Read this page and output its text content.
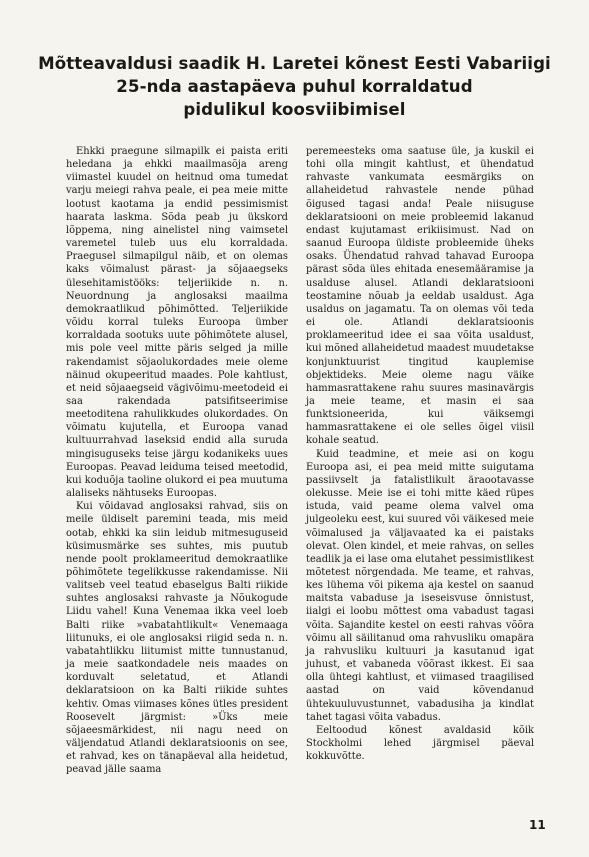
Mõtteavaldusi saadik H. Laretei kõnest Eesti Vabariigi
25-nda aastapäeva puhul korraldatud
pidulikul koosviibimisel

Ehkki praegune silmapilk ei paista eriti heledana ja ehkki maailmasõja areng viimastel kuudel on heitnud oma tumedat varju meiegi rahva peale, ei pea meie mitte lootust kaotama ja endid pessimismist haarata laskma. Sõda peab ju ükskord lõppema, ning ainelistel ning vaimsetel varemetel tuleb uus elu korraldada. Praegusel silmapilgul näib, et on olemas kaks võimalust pärast- ja sõjaaegseks ülesehitamistööks: teljeriikide n. n. Neuordnung ja anglosaksi maailma demokraatlikud põhimõtted. Teljeriikide võidu korral tuleks Euroopa ümber korraldada sootuks uute põhimõtete alusel, mis pole veel mitte päris selged ja mille rakendamist sõjaolukordades meie oleme näinud okupeeritud maades. Pole kahtlust, et neid sõjaaegseid vägivõimu-meetodeid ei saa rakendada patsifitseerimise meetoditena rahulikkudes olukordades. On võimatu kujutella, et Euroopa vanad kultuurrahvad laseksid endid alla suruda mingisuguseks teise järgu kodanikeks uues Euroopas. Peavad leiduma teised meetodid, kui koduõja taoline olukord ei pea muutuma alaliseks nähtuseks Euroopas.

Kui võidavad anglosaksi rahvad, siis on meile üldiselt paremini teada, mis meid ootab, ehkki ka siin leidub mitmesuguseid küsimusmärke ses suhtes, mis puutub nende poolt proklameeritud demokraatlike põhimõtete tegelikkusse rakendamisse. Nii valitseb veel teatud ebaselgus Balti riikide suhtes anglosaksi rahvaste ja Nõukogude Liidu vahel! Kuna Venemaa ikka veel loeb Balti riike »vabatahtlikult« Venemaaga liitunuks, ei ole anglosaksi riigid seda n. n. vabatahtlikku liitumist mitte tunnustanud, ja meie saatkondadele neis maades on korduvalt seletatud, et Atlandi deklaratsioon on ka Balti riikide suhtes kehtiv. Omas viimases kõnes ütles president Roosevelt järgmist: »Üks meie sõjaeesmärkidest, nii nagu need on väljendatud Atlandi deklaratsioonis on see, et rahvad, kes on tänapäeval alla heidetud, peavad jälle saama

peremeesteks oma saatuse üle, ja kuskil ei tohi olla mingit kahtlust, et ühendatud rahvaste vankumata eesmärgiks on allaheidetud rahvastele nende pühad õigused tagasi anda! Peale niisuguse deklaratsiooni on meie probleemid lakanud endast kujutamast erikiisimust. Nad on saanud Euroopa üldiste probleemide üheks osaks. Ühendatud rahvad tahavad Euroopa pärast sõda üles ehitada enesemääramise ja usalduse alusel. Atlandi deklaratsiooni teostamine nõuab ja eeldab usaldust. Aga usaldus on jagamatu. Ta on olemas või teda ei ole. Atlandi deklaratsioonis proklameeritud idee ei saa võita usaldust, kui mõned allaheidetud maadest muudetakse konjunktuurist tingitud kauplemise objektideks. Meie oleme nagu väike hammasrattakene rahu suures masinavärgis ja meie teame, et masin ei saa funktsioneerida, kui väiksemgi hammasrattakene ei ole selles õigel viisil kohale seatud.

Kuid teadmine, et meie asi on kogu Euroopa asi, ei pea meid mitte suigutama passiivselt ja fatalistlikult äraootavasse olekusse. Meie ise ei tohi mitte käed rüpes istuda, vaid peame olema valvel oma julgeoleku eest, kui suured või väikesed meie võimalused ja väljavaated ka ei paistaks olevat. Olen kindel, et meie rahvas, on selles teadlik ja ei lase oma elutahet pessimistlikest mõtetest nõrgendada. Me teame, et rahvas, kes lühema või pikema aja kestel on saanud maitsta vabaduse ja iseseisvuse õnnistust, iialgi ei loobu mõttest oma vabadust tagasi võita. Sajandite kestel on eesti rahvas võõra võimu all säilitanud oma rahvusliku omapära ja rahvusliku kultuuri ja kasutanud igat juhust, et vabaneda võõrast ikkest. Ei saa olla ühtegi kahtlust, et viimased traagilised aastad on vaid kõvendanud ühtekuuluvustunnet, vabadusiha ja kindlat tahet tagasi võita vabadus.

Eeltoodud kõnest avaldasid kõik Stockholmi lehed järgmisel päeval kokkuvõtte.

11
